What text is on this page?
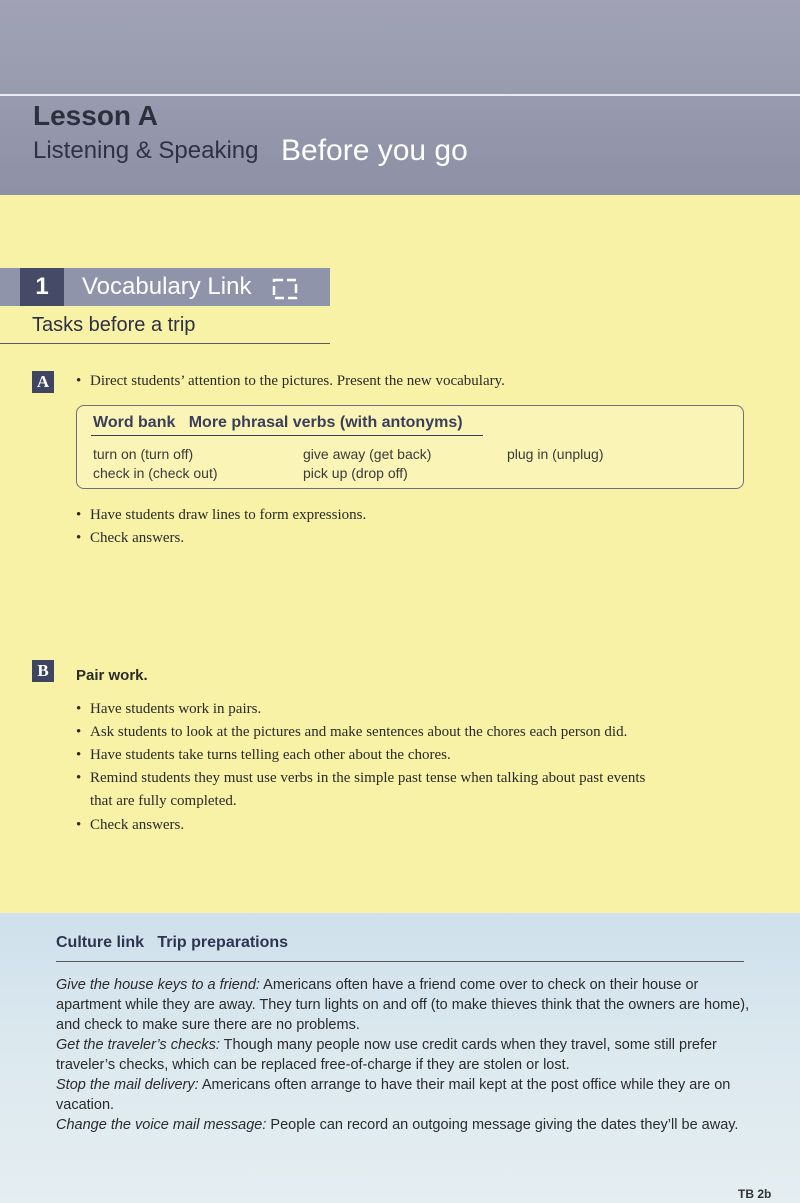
Lesson A
Listening & Speaking Before you go
1	Vocabulary Link
Tasks before a trip
A
•	Direct students’ attention to the pictures. Present the new vocabulary.
Word bank More phrasal verbs (with antonyms)
turn on (turn off)
check in (check out)
give away (get back)
pick up (drop off)
plug in (unplug)
• Have students draw lines to form expressions.
• Check answers.
B	Pair work.
• Have students work in pairs.
• Ask students to look at the pictures and make sentences about the chores each person did.
• Have students take turns telling each other about the chores.
• Remind students they must use verbs in the simple past tense when talking about past events
that are fully completed.
• Check answers.
Culture link Trip preparations
Give the house keys to a friend: Americans often have a friend come over to check on their house or apartment while they are away. They turn lights on and off (to make thieves think that the owners are home), and check to make sure there are no problems.
Get the traveler’s checks: Though many people now use credit cards when they travel, some still prefer traveler’s checks, which can be replaced free-of-charge if they are stolen or lost.
Stop the mail delivery: Americans often arrange to have their mail kept at the post office while they are on vacation.
Change the voice mail message: People can record an outgoing message giving the dates they’ll be away.
TB 2b
